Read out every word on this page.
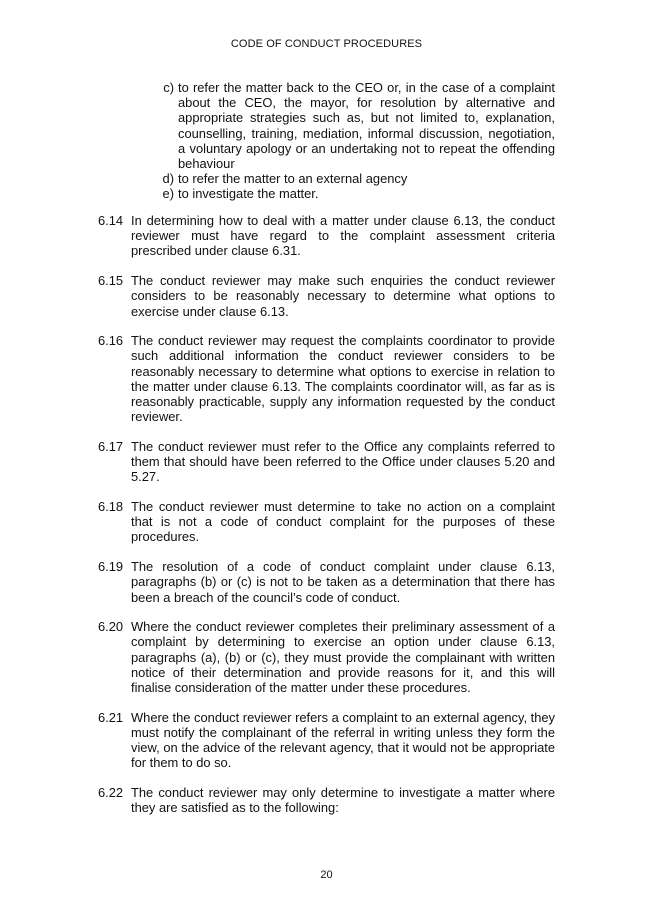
CODE OF CONDUCT PROCEDURES
c) to refer the matter back to the CEO or, in the case of a complaint about the CEO, the mayor, for resolution by alternative and appropriate strategies such as, but not limited to, explanation, counselling, training, mediation, informal discussion, negotiation, a voluntary apology or an undertaking not to repeat the offending behaviour
d) to refer the matter to an external agency
e) to investigate the matter.
6.14 In determining how to deal with a matter under clause 6.13, the conduct reviewer must have regard to the complaint assessment criteria prescribed under clause 6.31.
6.15 The conduct reviewer may make such enquiries the conduct reviewer considers to be reasonably necessary to determine what options to exercise under clause 6.13.
6.16 The conduct reviewer may request the complaints coordinator to provide such additional information the conduct reviewer considers to be reasonably necessary to determine what options to exercise in relation to the matter under clause 6.13. The complaints coordinator will, as far as is reasonably practicable, supply any information requested by the conduct reviewer.
6.17 The conduct reviewer must refer to the Office any complaints referred to them that should have been referred to the Office under clauses 5.20 and 5.27.
6.18 The conduct reviewer must determine to take no action on a complaint that is not a code of conduct complaint for the purposes of these procedures.
6.19 The resolution of a code of conduct complaint under clause 6.13, paragraphs (b) or (c) is not to be taken as a determination that there has been a breach of the council’s code of conduct.
6.20 Where the conduct reviewer completes their preliminary assessment of a complaint by determining to exercise an option under clause 6.13, paragraphs (a), (b) or (c), they must provide the complainant with written notice of their determination and provide reasons for it, and this will finalise consideration of the matter under these procedures.
6.21 Where the conduct reviewer refers a complaint to an external agency, they must notify the complainant of the referral in writing unless they form the view, on the advice of the relevant agency, that it would not be appropriate for them to do so.
6.22 The conduct reviewer may only determine to investigate a matter where they are satisfied as to the following:
20
